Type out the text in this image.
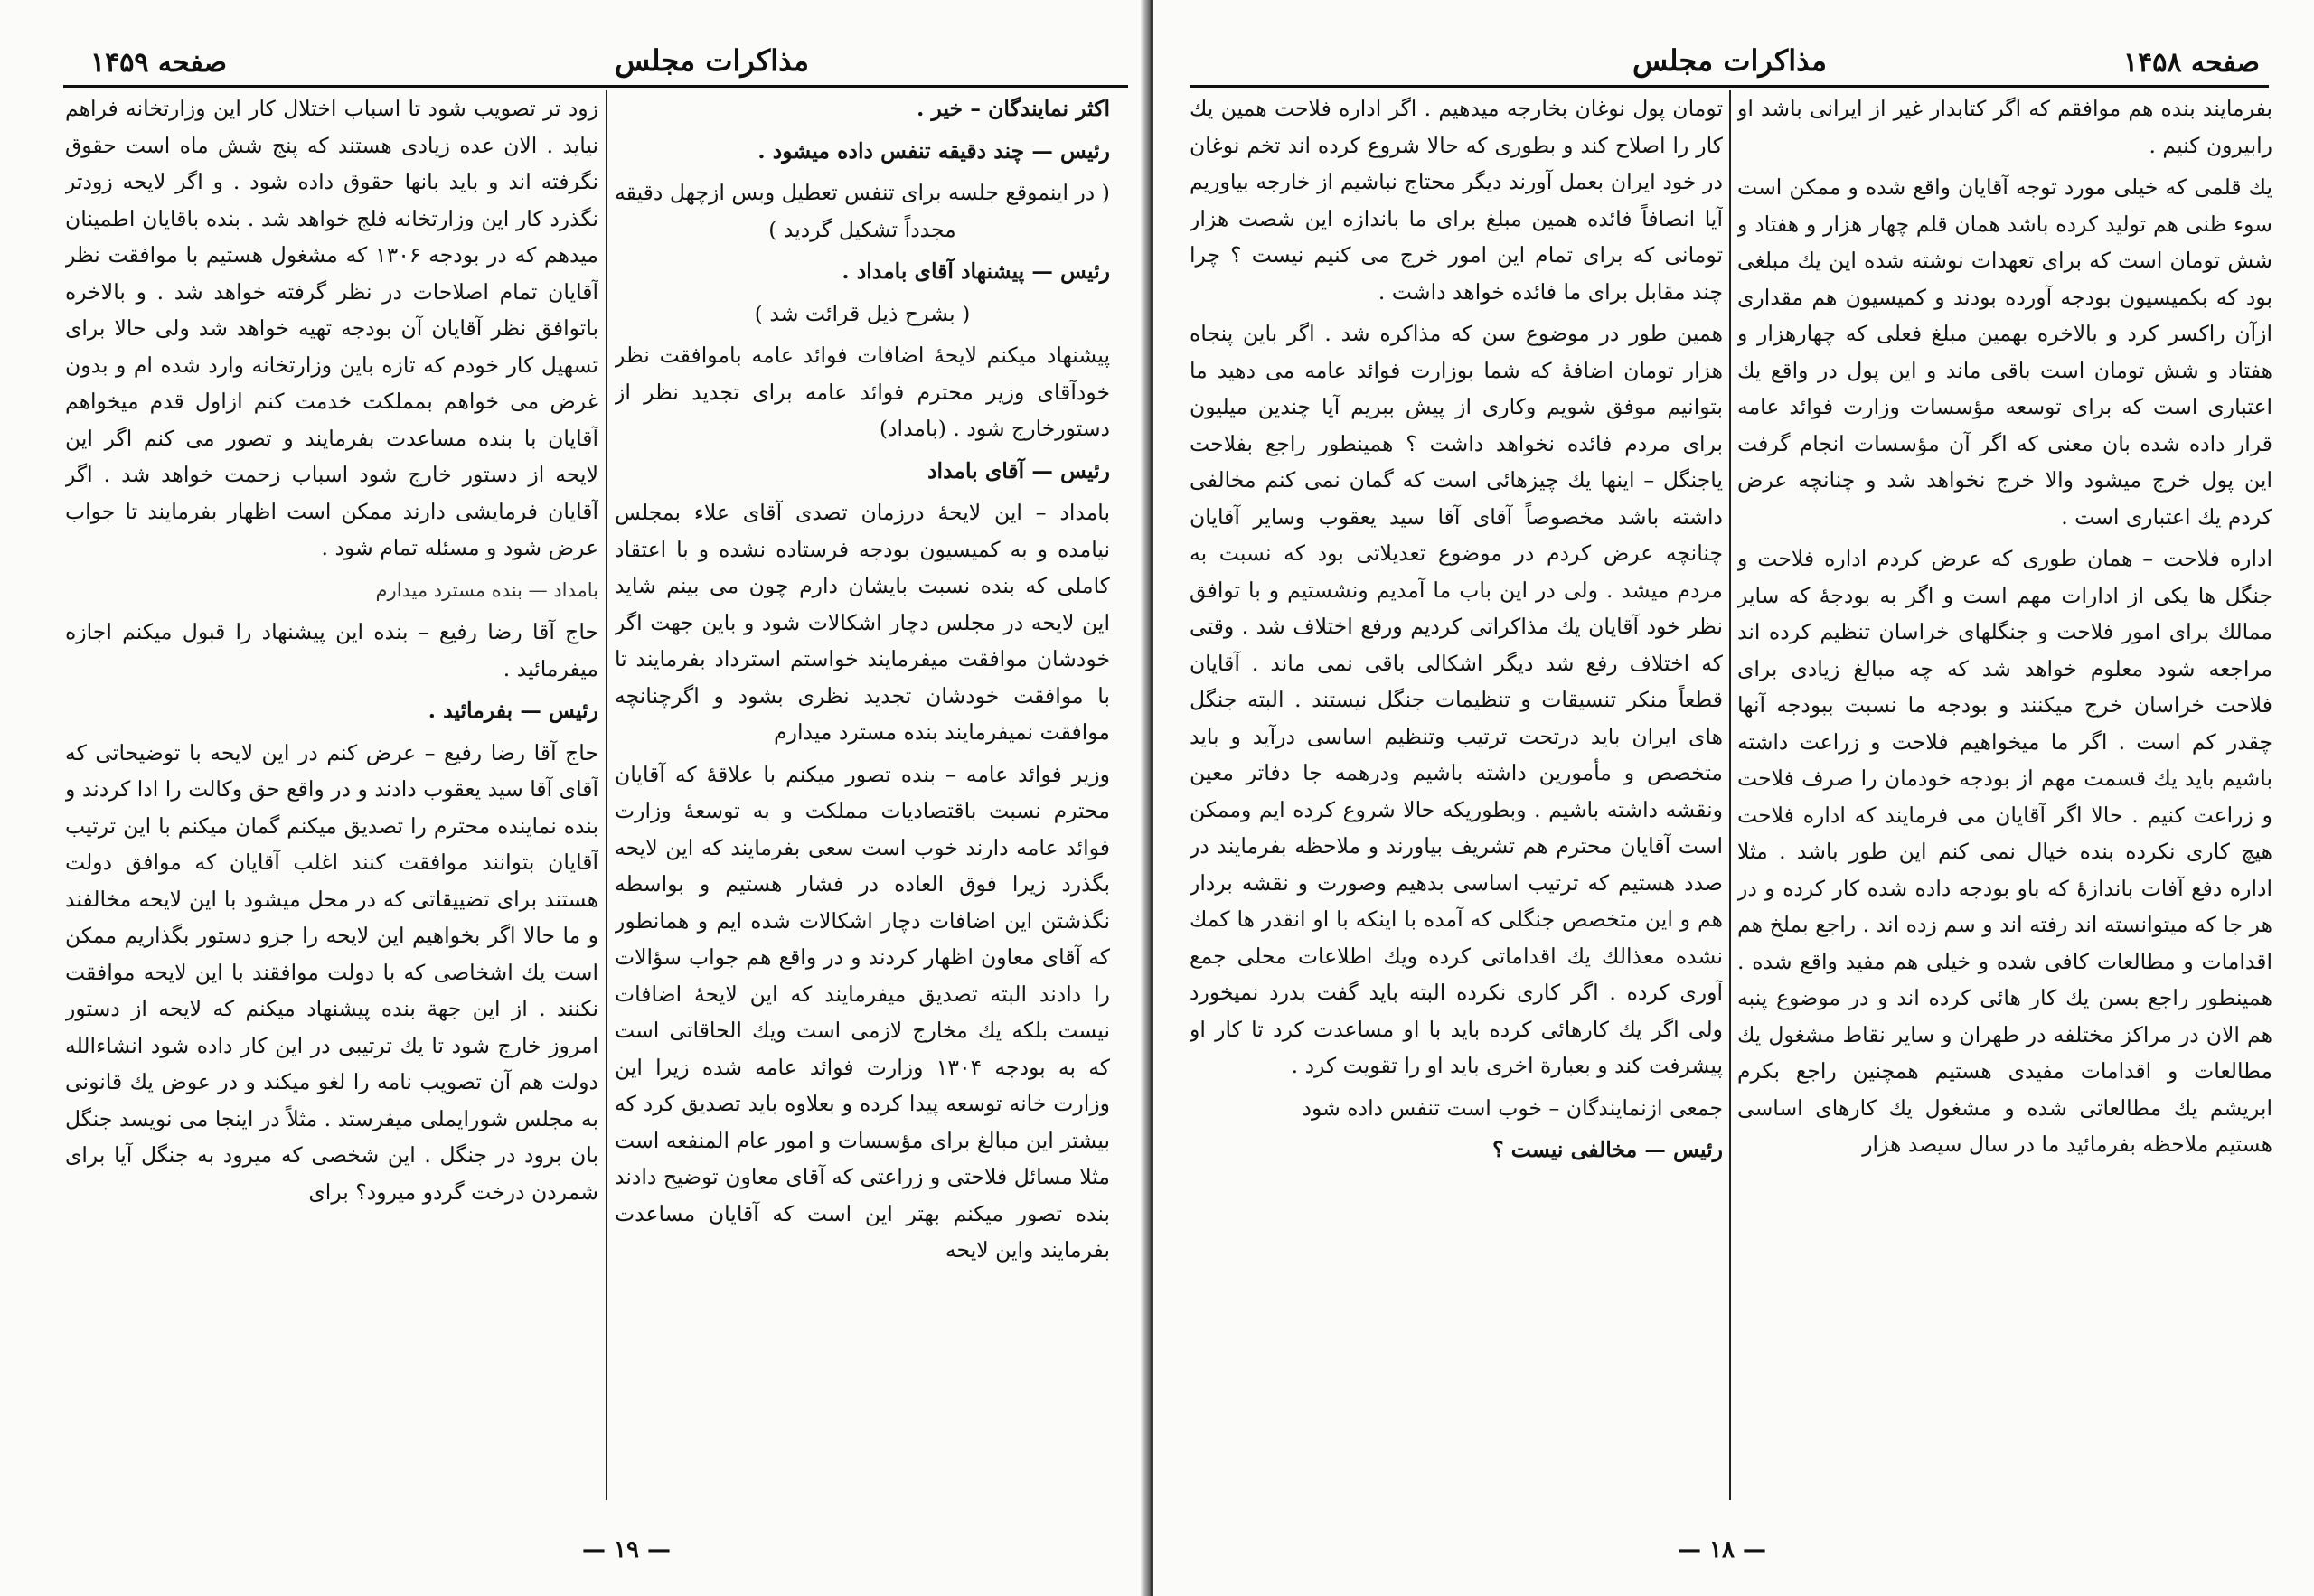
صفحه ۱۴۵۹	مذاکرات مجلس

اکثر نمایندگان – خیر .

رئیس — چند دقیقه تنفس داده میشود .

( در اینموقع جلسه برای تنفس تعطیل وبس ازچهل دقیقه مجدداً تشکیل گردید )

رئیس — پیشنهاد آقای بامداد .

( بشرح ذیل قرائت شد )

پیشنهاد میکنم لایحهٔ اضافات فوائد عامه باموافقت نظر خودآقای وزیر محترم فوائد عامه برای تجدید نظر از دستورخارج شود . (بامداد)

رئیس — آقای بامداد

بامداد – این لایحهٔ درزمان تصدی آقای علاء بمجلس نیامده و به کمیسیون بودجه فرستاده نشده و با اعتقاد کاملی که بنده نسبت بایشان دارم چون می بینم شاید این لایحه در مجلس دچار اشکالات شود و باین جهت اگر خودشان موافقت میفرمایند خواستم استرداد بفرمایند تا با موافقت خودشان تجدید نظری بشود و اگرچنانچه موافقت نمیفرمایند بنده مسترد میدارم

وزیر فوائد عامه – بنده تصور میکنم با علاقهٔ که آقایان محترم نسبت باقتصادیات مملکت و به توسعهٔ وزارت فوائد عامه دارند خوب است سعی بفرمایند که این لایحه بگذرد زیرا فوق العاده در فشار هستیم و بواسطه نگذشتن این اضافات دچار اشکالات شده ایم و همانطور که آقای معاون اظهار کردند و در واقع هم جواب سؤالات را دادند البته تصدیق میفرمایند که این لایحهٔ اضافات نیست بلکه یك مخارج لازمی است ویك الحاقاتی است که به بودجه ۱۳۰۴ وزارت فوائد عامه شده زیرا این وزارت خانه توسعه پیدا کرده و بعلاوه باید تصدیق کرد که بیشتر این مبالغ برای مؤسسات و امور عام المنفعه است مثلا مسائل فلاحتی و زراعتی که آقای معاون توضیح دادند بنده تصور میکنم بهتر این است که آقایان مساعدت بفرمایند واین لایحه

زود تر تصویب شود تا اسباب اختلال کار این وزارتخانه فراهم نیاید . الان عده زیادی هستند که پنج شش ماه است حقوق نگرفته اند و باید بانها حقوق داده شود . و اگر لایحه زودتر نگذرد کار این وزارتخانه فلج خواهد شد . بنده باقایان اطمینان میدهم که در بودجه ۱۳۰۶ که مشغول هستیم با موافقت نظر آقایان تمام اصلاحات در نظر گرفته خواهد شد . و بالاخره باتوافق نظر آقایان آن بودجه تهیه خواهد شد ولی حالا برای تسهیل کار خودم که تازه باین وزارتخانه وارد شده ام و بدون غرض می خواهم بمملکت خدمت کنم ازاول قدم میخواهم آقایان با بنده مساعدت بفرمایند و تصور می کنم اگر این لایحه از دستور خارج شود اسباب زحمت خواهد شد . اگر آقایان فرمایشی دارند ممکن است اظهار بفرمایند تا جواب عرض شود و مسئله تمام شود .

بامداد — بنده مسترد میدارم

حاج آقا رضا رفیع – بنده این پیشنهاد را قبول میکنم اجازه میفرمائید .

رئیس — بفرمائید .

حاج آقا رضا رفیع – عرض کنم در این لایحه با توضیحاتی که آقای آقا سید یعقوب دادند و در واقع حق وکالت را ادا کردند و بنده نماینده محترم را تصدیق میکنم گمان میکنم با این ترتیب آقایان بتوانند موافقت کنند اغلب آقایان که موافق دولت هستند برای تضییقاتی که در محل میشود با این لایحه مخالفند و ما حالا اگر بخواهیم این لایحه را جزو دستور بگذاریم ممکن است یك اشخاصی که با دولت موافقند با این لایحه موافقت نکنند . از این جهة بنده پیشنهاد میکنم که لایحه از دستور امروز خارج شود تا یك ترتیبی در این کار داده شود انشاءالله دولت هم آن تصویب نامه را لغو میکند و در عوض یك قانونی به مجلس شورایملی میفرستد . مثلاً در اینجا می نویسد جنگل بان برود در جنگل . این شخصی که میرود به جنگل آیا برای شمردن درخت گردو میرود؟ برای

— ۱۹ —
صفحه ۱۴۵۸
مذاکرات مجلس

بفرمایند بنده هم موافقم که اگر کتابدار غیر از ایرانی باشد او رابیرون کنیم .

یك قلمی که خیلی مورد توجه آقایان واقع شده و ممکن است سوء ظنی هم تولید کرده باشد همان قلم چهار هزار و هفتاد و شش تومان است که برای تعهدات نوشته شده این یك مبلغی بود که بکمیسیون بودجه آورده بودند و کمیسیون هم مقداری ازآن راکسر کرد و بالاخره بهمین مبلغ فعلی که چهارهزار و هفتاد و شش تومان است باقی ماند و این پول در واقع یك اعتباری است که برای توسعه مؤسسات وزارت فوائد عامه قرار داده شده بان معنی که اگر آن مؤسسات انجام گرفت این پول خرج میشود والا خرج نخواهد شد و چنانچه عرض کردم یك اعتباری است .

اداره فلاحت – همان طوری که عرض کردم اداره فلاحت و جنگل ها یکی از ادارات مهم است و اگر به بودجهٔ که سایر ممالك برای امور فلاحت و جنگلهای خراسان تنظیم کرده اند مراجعه شود معلوم خواهد شد که چه مبالغ زیادی برای فلاحت خراسان خرج میکنند و بودجه ما نسبت ببودجه آنها چقدر کم است . اگر ما میخواهیم فلاحت و زراعت داشته باشیم باید یك قسمت مهم از بودجه خودمان را صرف فلاحت و زراعت کنیم . حالا اگر آقایان می فرمایند که اداره فلاحت هیچ کاری نکرده بنده خیال نمی کنم این طور باشد . مثلا اداره دفع آفات باندازهٔ که باو بودجه داده شده کار کرده و در هر جا که میتوانسته اند رفته اند و سم زده اند . راجع بملخ هم اقدامات و مطالعات کافی شده و خیلی هم مفید واقع شده . همینطور راجع بسن یك کار هائی کرده اند و در موضوع پنبه هم الان در مراکز مختلفه در طهران و سایر نقاط مشغول یك مطالعات و اقدامات مفیدی هستیم همچنین راجع بکرم ابریشم یك مطالعاتی شده و مشغول یك کارهای اساسی هستیم ملاحظه بفرمائید ما در سال سیصد هزار

تومان پول نوغان بخارجه میدهیم . اگر اداره فلاحت همین یك کار را اصلاح کند و بطوری که حالا شروع کرده اند تخم نوغان در خود ایران بعمل آورند دیگر محتاج نباشیم از خارجه بیاوریم آیا انصافاً فائده همین مبلغ برای ما باندازه این شصت هزار تومانی که برای تمام این امور خرج می کنیم نیست ؟ چرا چند مقابل برای ما فائده خواهد داشت .

همین طور در موضوع سن که مذاکره شد . اگر باین پنجاه هزار تومان اضافهٔ که شما بوزارت فوائد عامه می دهید ما بتوانیم موفق شویم وکاری از پیش ببریم آیا چندین میلیون برای مردم فائده نخواهد داشت ؟ همینطور راجع بفلاحت یاجنگل – اینها یك چیزهائی است که گمان نمی کنم مخالفی داشته باشد مخصوصاً آقای آقا سید یعقوب وسایر آقایان چنانچه عرض کردم در موضوع تعدیلاتی بود که نسبت به مردم میشد . ولی در این باب ما آمدیم ونشستیم و با توافق نظر خود آقایان یك مذاکراتی کردیم ورفع اختلاف شد . وقتی که اختلاف رفع شد دیگر اشکالی باقی نمی ماند . آقایان قطعاً منکر تنسیقات و تنظیمات جنگل نیستند . البته جنگل های ایران باید درتحت ترتیب وتنظیم اساسی درآید و باید متخصص و مأمورین داشته باشیم ودرهمه جا دفاتر معین ونقشه داشته باشیم . وبطوریکه حالا شروع کرده ایم وممکن است آقایان محترم هم تشریف بیاورند و ملاحظه بفرمایند در صدد هستیم که ترتیب اساسی بدهیم وصورت و نقشه بردار هم و این متخصص جنگلی که آمده با اینکه با او انقدر ها کمك نشده معذالك یك اقداماتی کرده ویك اطلاعات محلی جمع آوری کرده . اگر کاری نکرده البته باید گفت بدرد نمیخورد ولی اگر یك کارهائی کرده باید با او مساعدت کرد تا کار او پیشرفت کند و بعبارة اخری باید او را تقویت کرد .

جمعی ازنمایندگان – خوب است تنفس داده شود

رئیس — مخالفی نیست ؟

— ۱۸ —
